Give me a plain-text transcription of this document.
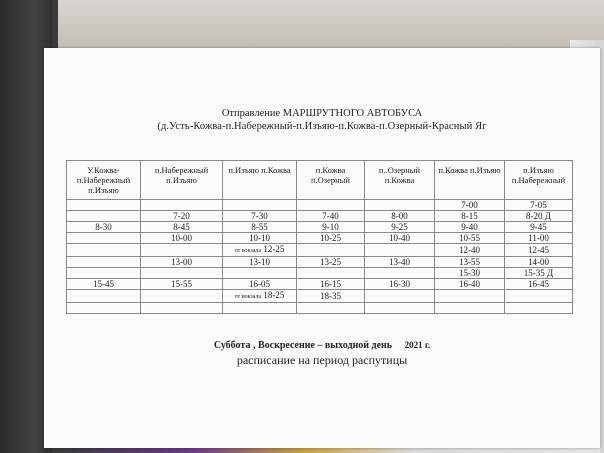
Отправление МАРШРУТНОГО АВТОБУСА
(д.Усть-Кожва-п.Набережный-п.Изъяю-п.Кожва-п.Озерный-Красный Яг
У.Кожва-п.Набережный п.Изъяю	п.Набережный п.Изъяю	п.Изъяю п.Кожва	п.Кожва п.Озерный	п..Озерный п.Кожва	п.Кожва п.Изъяю	п.Изъяю п.Набережный
					7-00	7-05
	7-20	7-30	7-40	8-00	8-15	8-20 Д
8-30	8-45	8-55	9-10	9-25	9-40	9-45
	10-00	10-10	10-25	10-40	10-55	11-00
		от вокзала 12-25			12-40	12-45
	13-00	13-10	13-25	13-40	13-55	14-00
					15-30	15-35 Д
15-45	15-55	16-05	16-15	16-30	16-40	16-45
		от вокзала 18-25	18-35			

Суббота , Воскресение – выходной день 2021 г.
расписание на период распутицы
